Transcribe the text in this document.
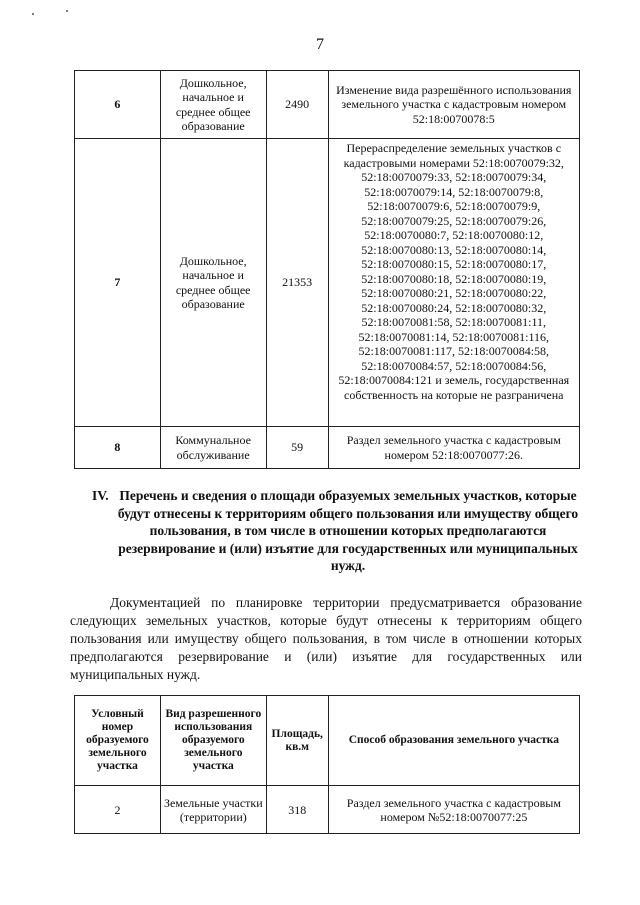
7
6	Дошкольное, начальное и среднее общее образование	2490	Изменение вида разрешённого использования земельного участка с кадастровым номером 52:18:0070078:5
7	Дошкольное, начальное и среднее общее образование	21353	Перераспределение земельных участков с кадастровыми номерами 52:18:0070079:32, 52:18:0070079:33, 52:18:0070079:34, 52:18:0070079:14, 52:18:0070079:8, 52:18:0070079:6, 52:18:0070079:9, 52:18:0070079:25, 52:18:0070079:26, 52:18:0070080:7, 52:18:0070080:12, 52:18:0070080:13, 52:18:0070080:14, 52:18:0070080:15, 52:18:0070080:17, 52:18:0070080:18, 52:18:0070080:19, 52:18:0070080:21, 52:18:0070080:22, 52:18:0070080:24, 52:18:0070080:32, 52:18:0070081:58, 52:18:0070081:11, 52:18:0070081:14, 52:18:0070081:116, 52:18:0070081:117, 52:18:0070084:58, 52:18:0070084:57, 52:18:0070084:56, 52:18:0070084:121 и земель, государственная собственность на которые не разграничена
8	Коммунальное обслуживание	59	Раздел земельного участка с кадастровым номером 52:18:0070077:26.
IV. Перечень и сведения о площади образуемых земельных участков, которые будут отнесены к территориям общего пользования или имуществу общего пользования, в том числе в отношении которых предполагаются резервирование и (или) изъятие для государственных или муниципальных нужд.

Документацией по планировке территории предусматривается образование следующих земельных участков, которые будут отнесены к территориям общего пользования или имуществу общего пользования, в том числе в отношении которых предполагаются резервирование и (или) изъятие для государственных или муниципальных нужд.

Условный номер образуемого земельного участка	Вид разрешенного использования образуемого земельного участка	Площадь, кв.м	Способ образования земельного участка
2	Земельные участки (территории)	318	Раздел земельного участка с кадастровым номером №52:18:0070077:25
